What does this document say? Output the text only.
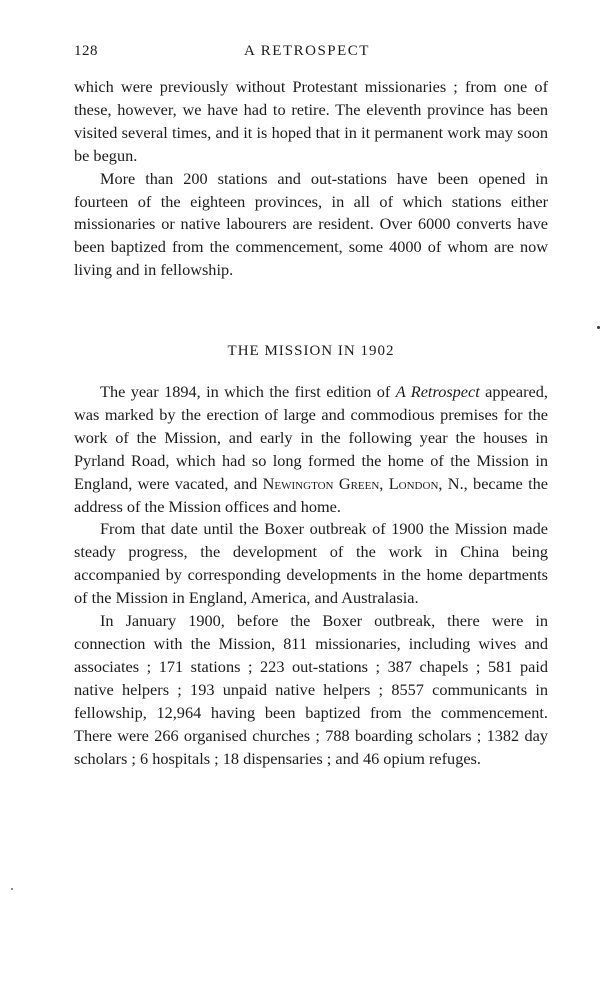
128	A RETROSPECT

which were previously without Protestant missionaries ; from one of these, however, we have had to retire. The eleventh province has been visited several times, and it is hoped that in it permanent work may soon be begun.

More than 200 stations and out-stations have been opened in fourteen of the eighteen provinces, in all of which stations either missionaries or native labourers are resident. Over 6000 converts have been baptized from the commencement, some 4000 of whom are now living and in fellowship.

THE MISSION IN 1902

The year 1894, in which the first edition of A Retrospect appeared, was marked by the erection of large and commodious premises for the work of the Mission, and early in the following year the houses in Pyrland Road, which had so long formed the home of the Mission in England, were vacated, and Newington Green, London, N., became the address of the Mission offices and home.

From that date until the Boxer outbreak of 1900 the Mission made steady progress, the development of the work in China being accompanied by corresponding developments in the home departments of the Mission in England, America, and Australasia.

In January 1900, before the Boxer outbreak, there were in connection with the Mission, 811 missionaries, including wives and associates ; 171 stations ; 223 out-stations ; 387 chapels ; 581 paid native helpers ; 193 unpaid native helpers ; 8557 communicants in fellowship, 12,964 having been baptized from the commencement. There were 266 organised churches ; 788 boarding scholars ; 1382 day scholars ; 6 hospitals ; 18 dispensaries ; and 46 opium refuges.
